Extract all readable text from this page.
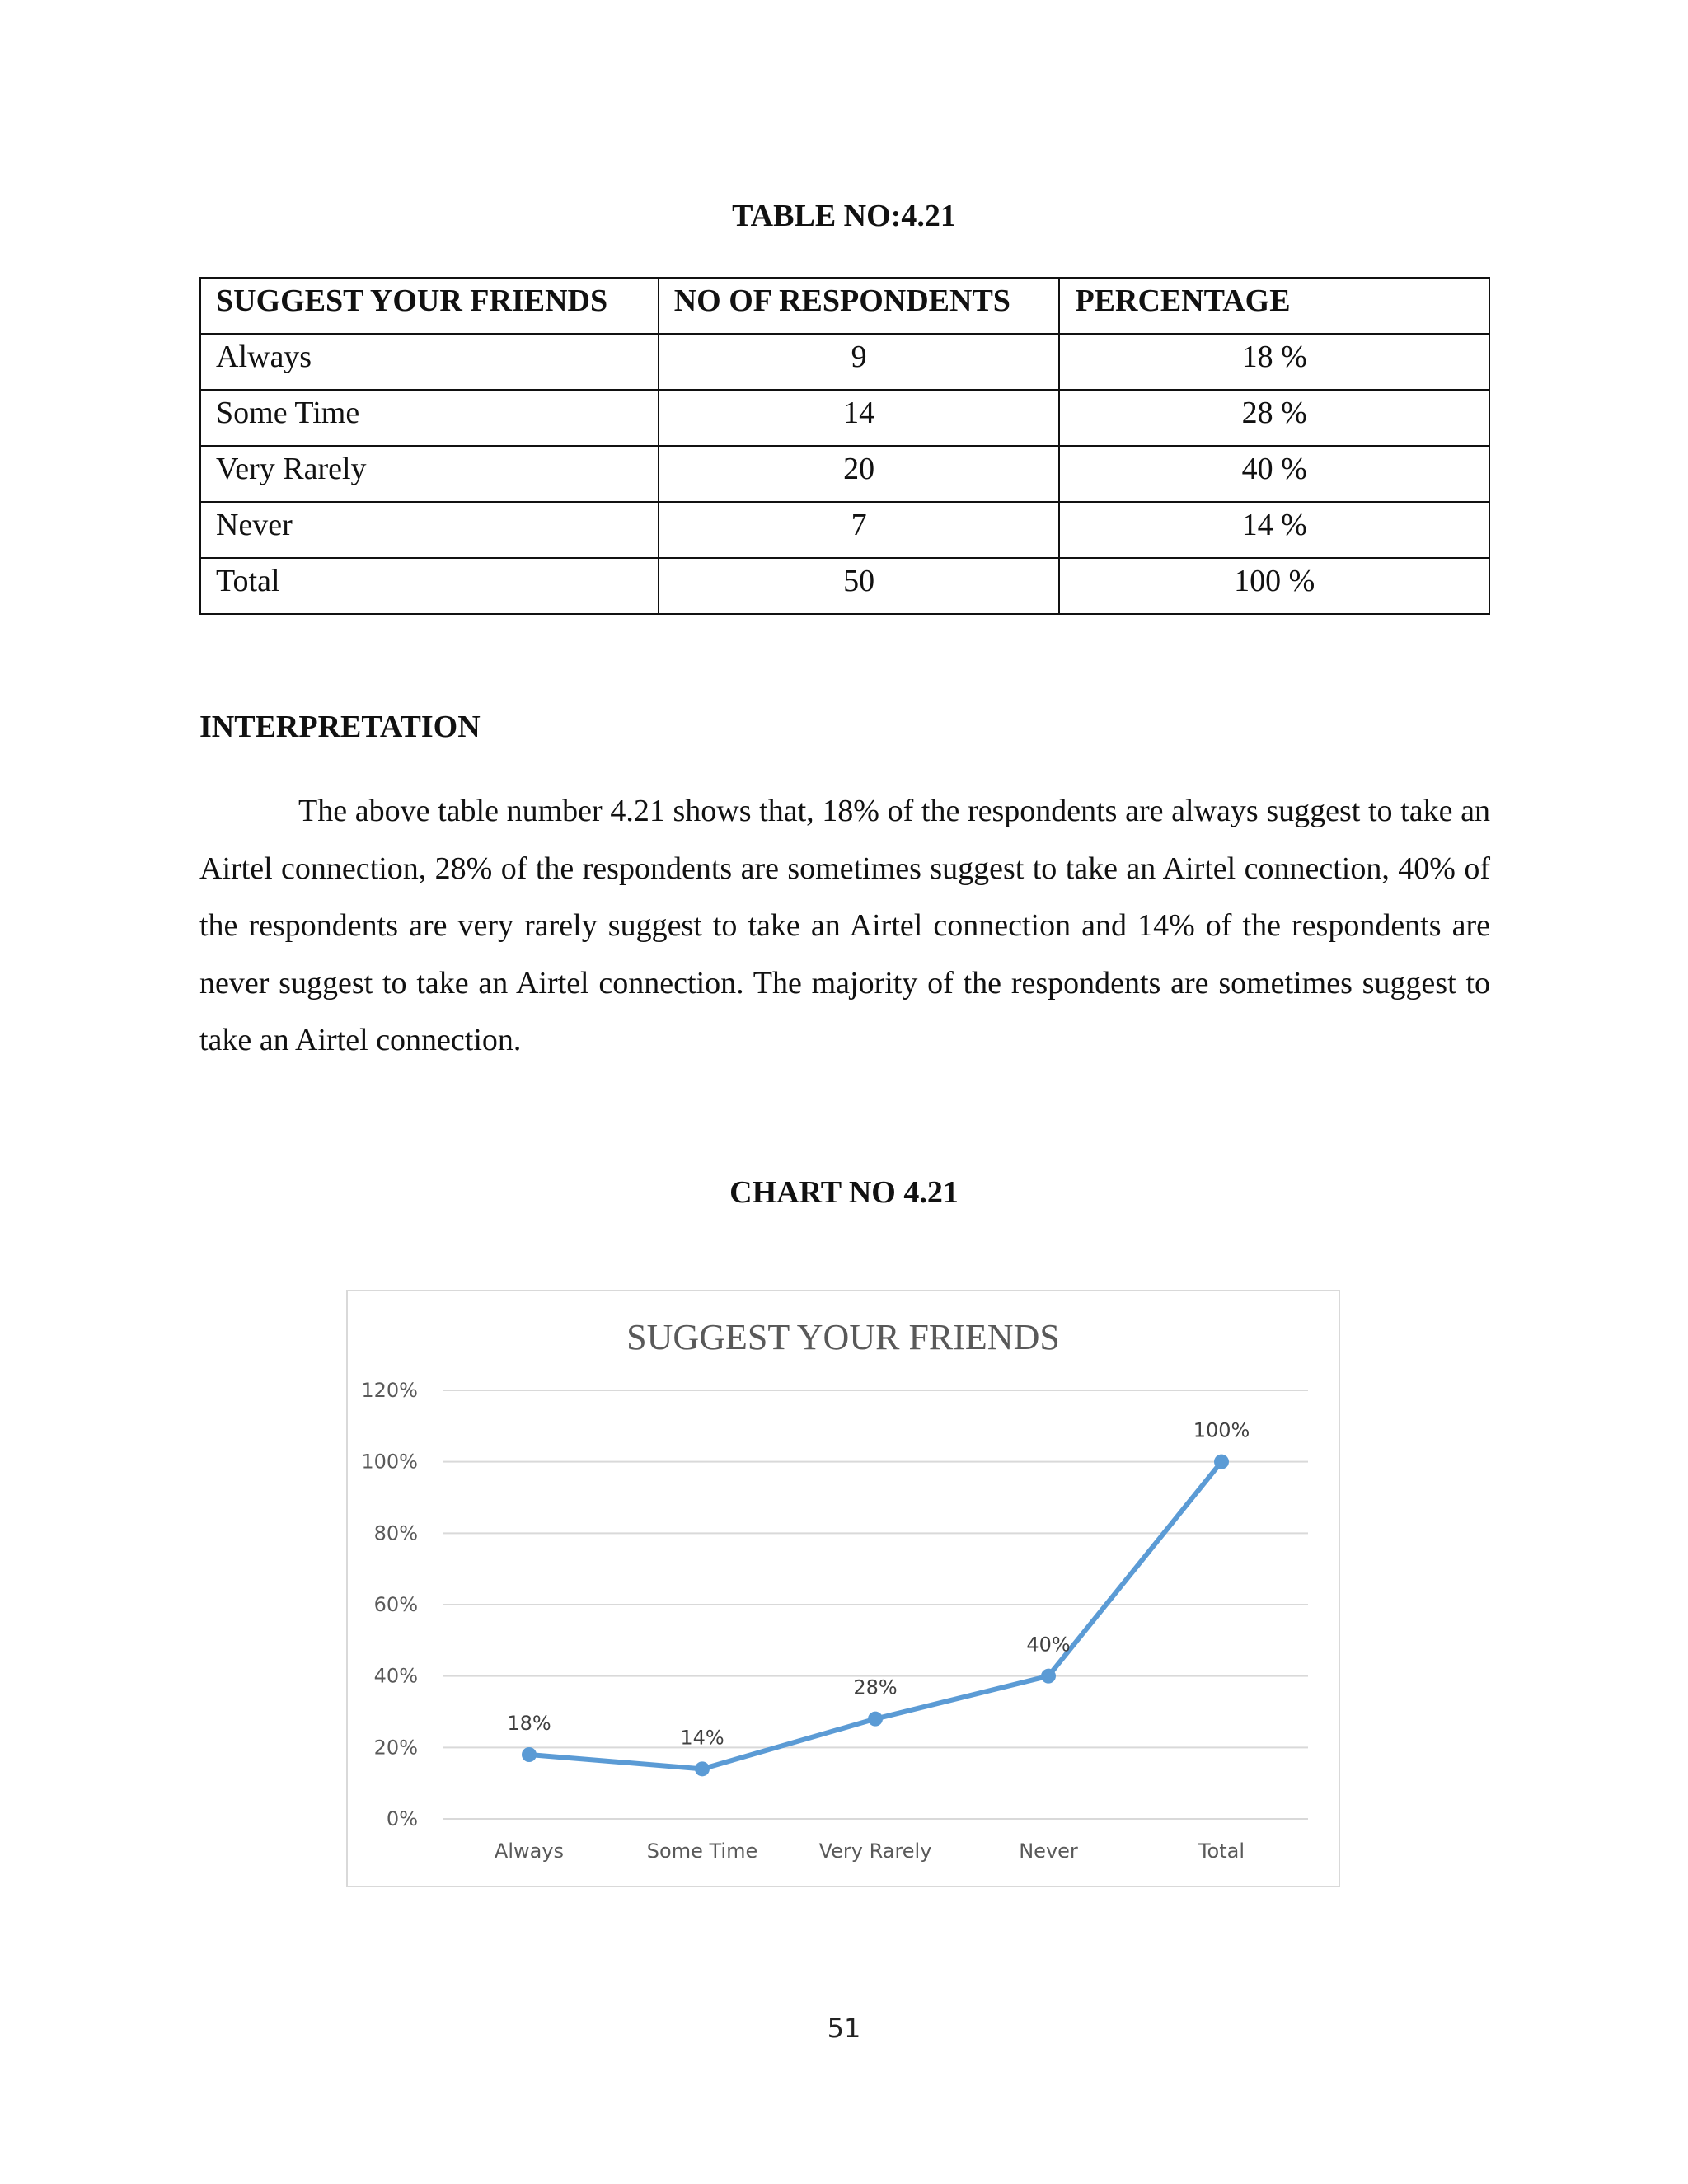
TABLE NO:4.21
SUGGEST YOUR FRIENDS	NO OF RESPONDENTS	PERCENTAGE
Always	9	18 %
Some Time	14	28 %
Very Rarely	20	40 %
Never	7	14 %
Total	50	100 %
INTERPRETATION

The above table number 4.21 shows that, 18% of the respondents are always suggest to take an Airtel connection, 28% of the respondents are sometimes suggest to take an Airtel connection, 40% of the respondents are very rarely suggest to take an Airtel connection and 14% of the respondents are never suggest to take an Airtel connection. The majority of the respondents are sometimes suggest to take an Airtel connection.

CHART NO 4.21
SUGGEST YOUR FRIENDS
0%
20%
40%
60%
80%
100%
120%
Always	Some Time	Very Rarely	Never	Total
18%
14%
28%
40%
100%
51
